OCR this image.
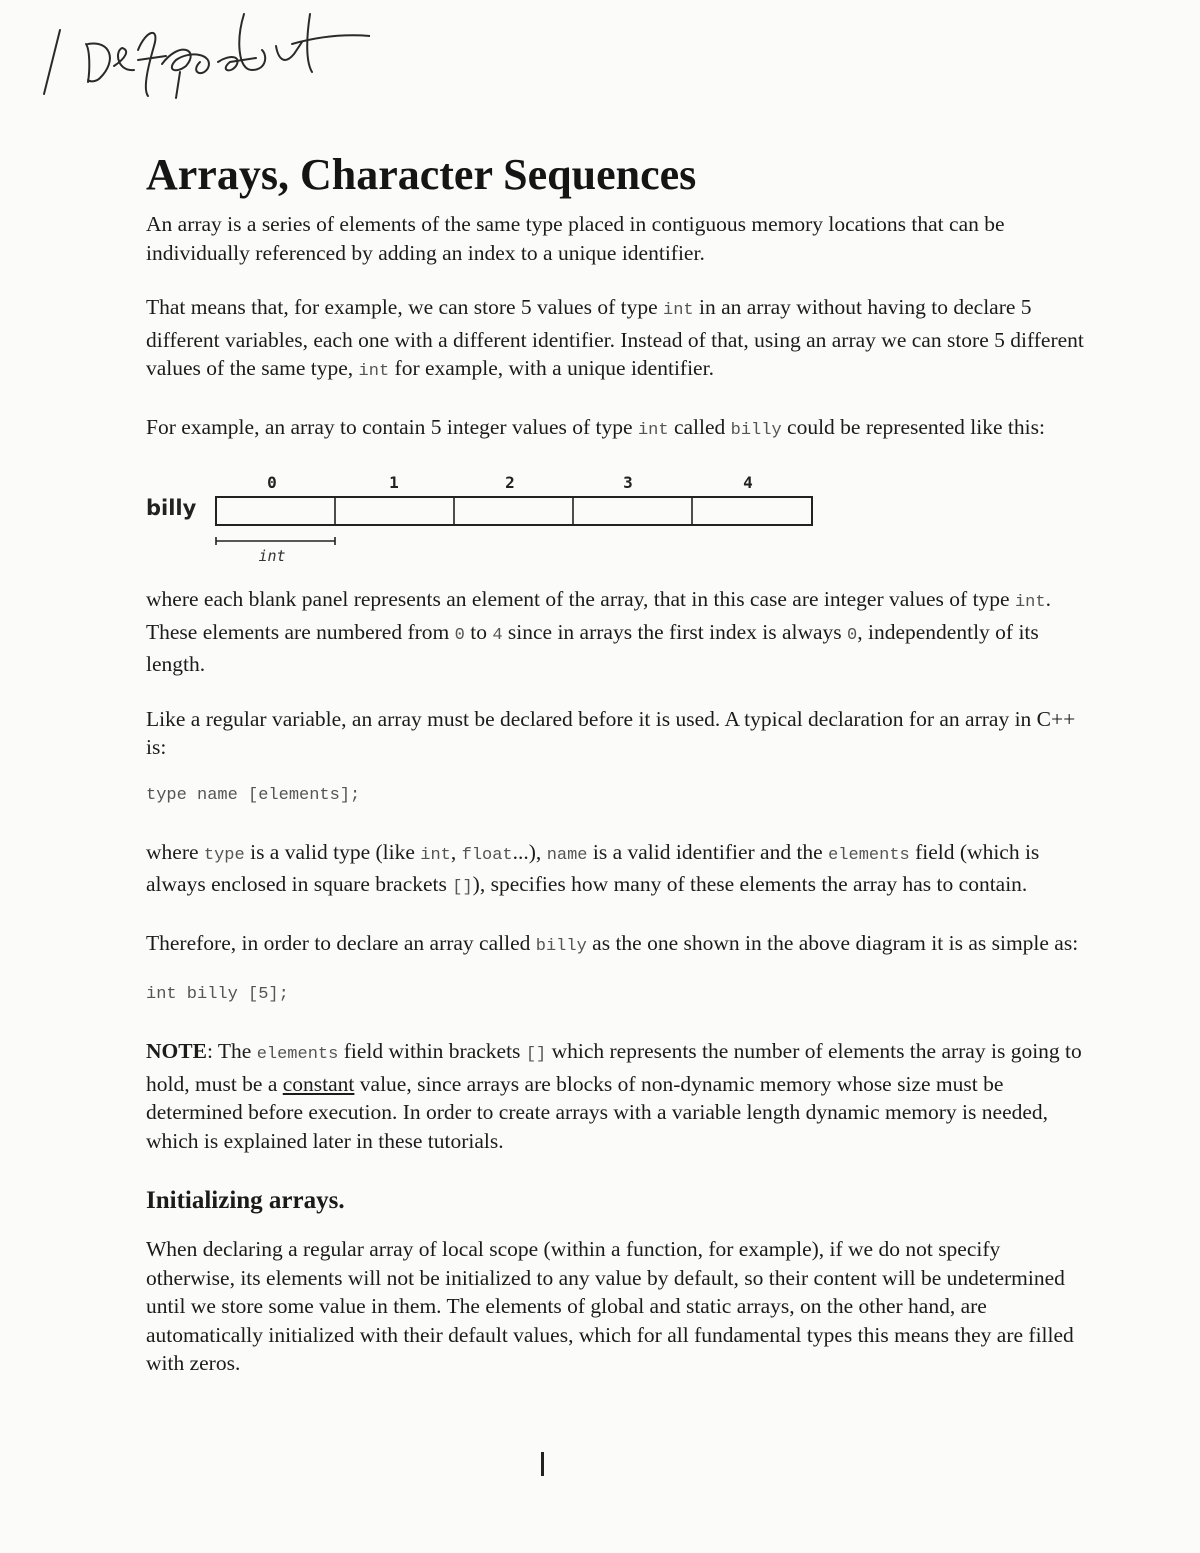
Arrays, Character Sequences

An array is a series of elements of the same type placed in contiguous memory locations that can be individually referenced by adding an index to a unique identifier.

That means that, for example, we can store 5 values of type int in an array without having to declare 5 different variables, each one with a different identifier. Instead of that, using an array we can store 5 different values of the same type, int for example, with a unique identifier.

For example, an array to contain 5 integer values of type int called billy could be represented like this:

billy
0	1	2	3	4
int

where each blank panel represents an element of the array, that in this case are integer values of type int. These elements are numbered from 0 to 4 since in arrays the first index is always 0, independently of its length.

Like a regular variable, an array must be declared before it is used. A typical declaration for an array in C++ is:

type name [elements];

where type is a valid type (like int, float...), name is a valid identifier and the elements field (which is always enclosed in square brackets []), specifies how many of these elements the array has to contain.

Therefore, in order to declare an array called billy as the one shown in the above diagram it is as simple as:

int billy [5];

NOTE: The elements field within brackets [] which represents the number of elements the array is going to hold, must be a constant value, since arrays are blocks of non-dynamic memory whose size must be determined before execution. In order to create arrays with a variable length dynamic memory is needed, which is explained later in these tutorials.

Initializing arrays.

When declaring a regular array of local scope (within a function, for example), if we do not specify otherwise, its elements will not be initialized to any value by default, so their content will be undetermined until we store some value in them. The elements of global and static arrays, on the other hand, are automatically initialized with their default values, which for all fundamental types this means they are filled with zeros.
